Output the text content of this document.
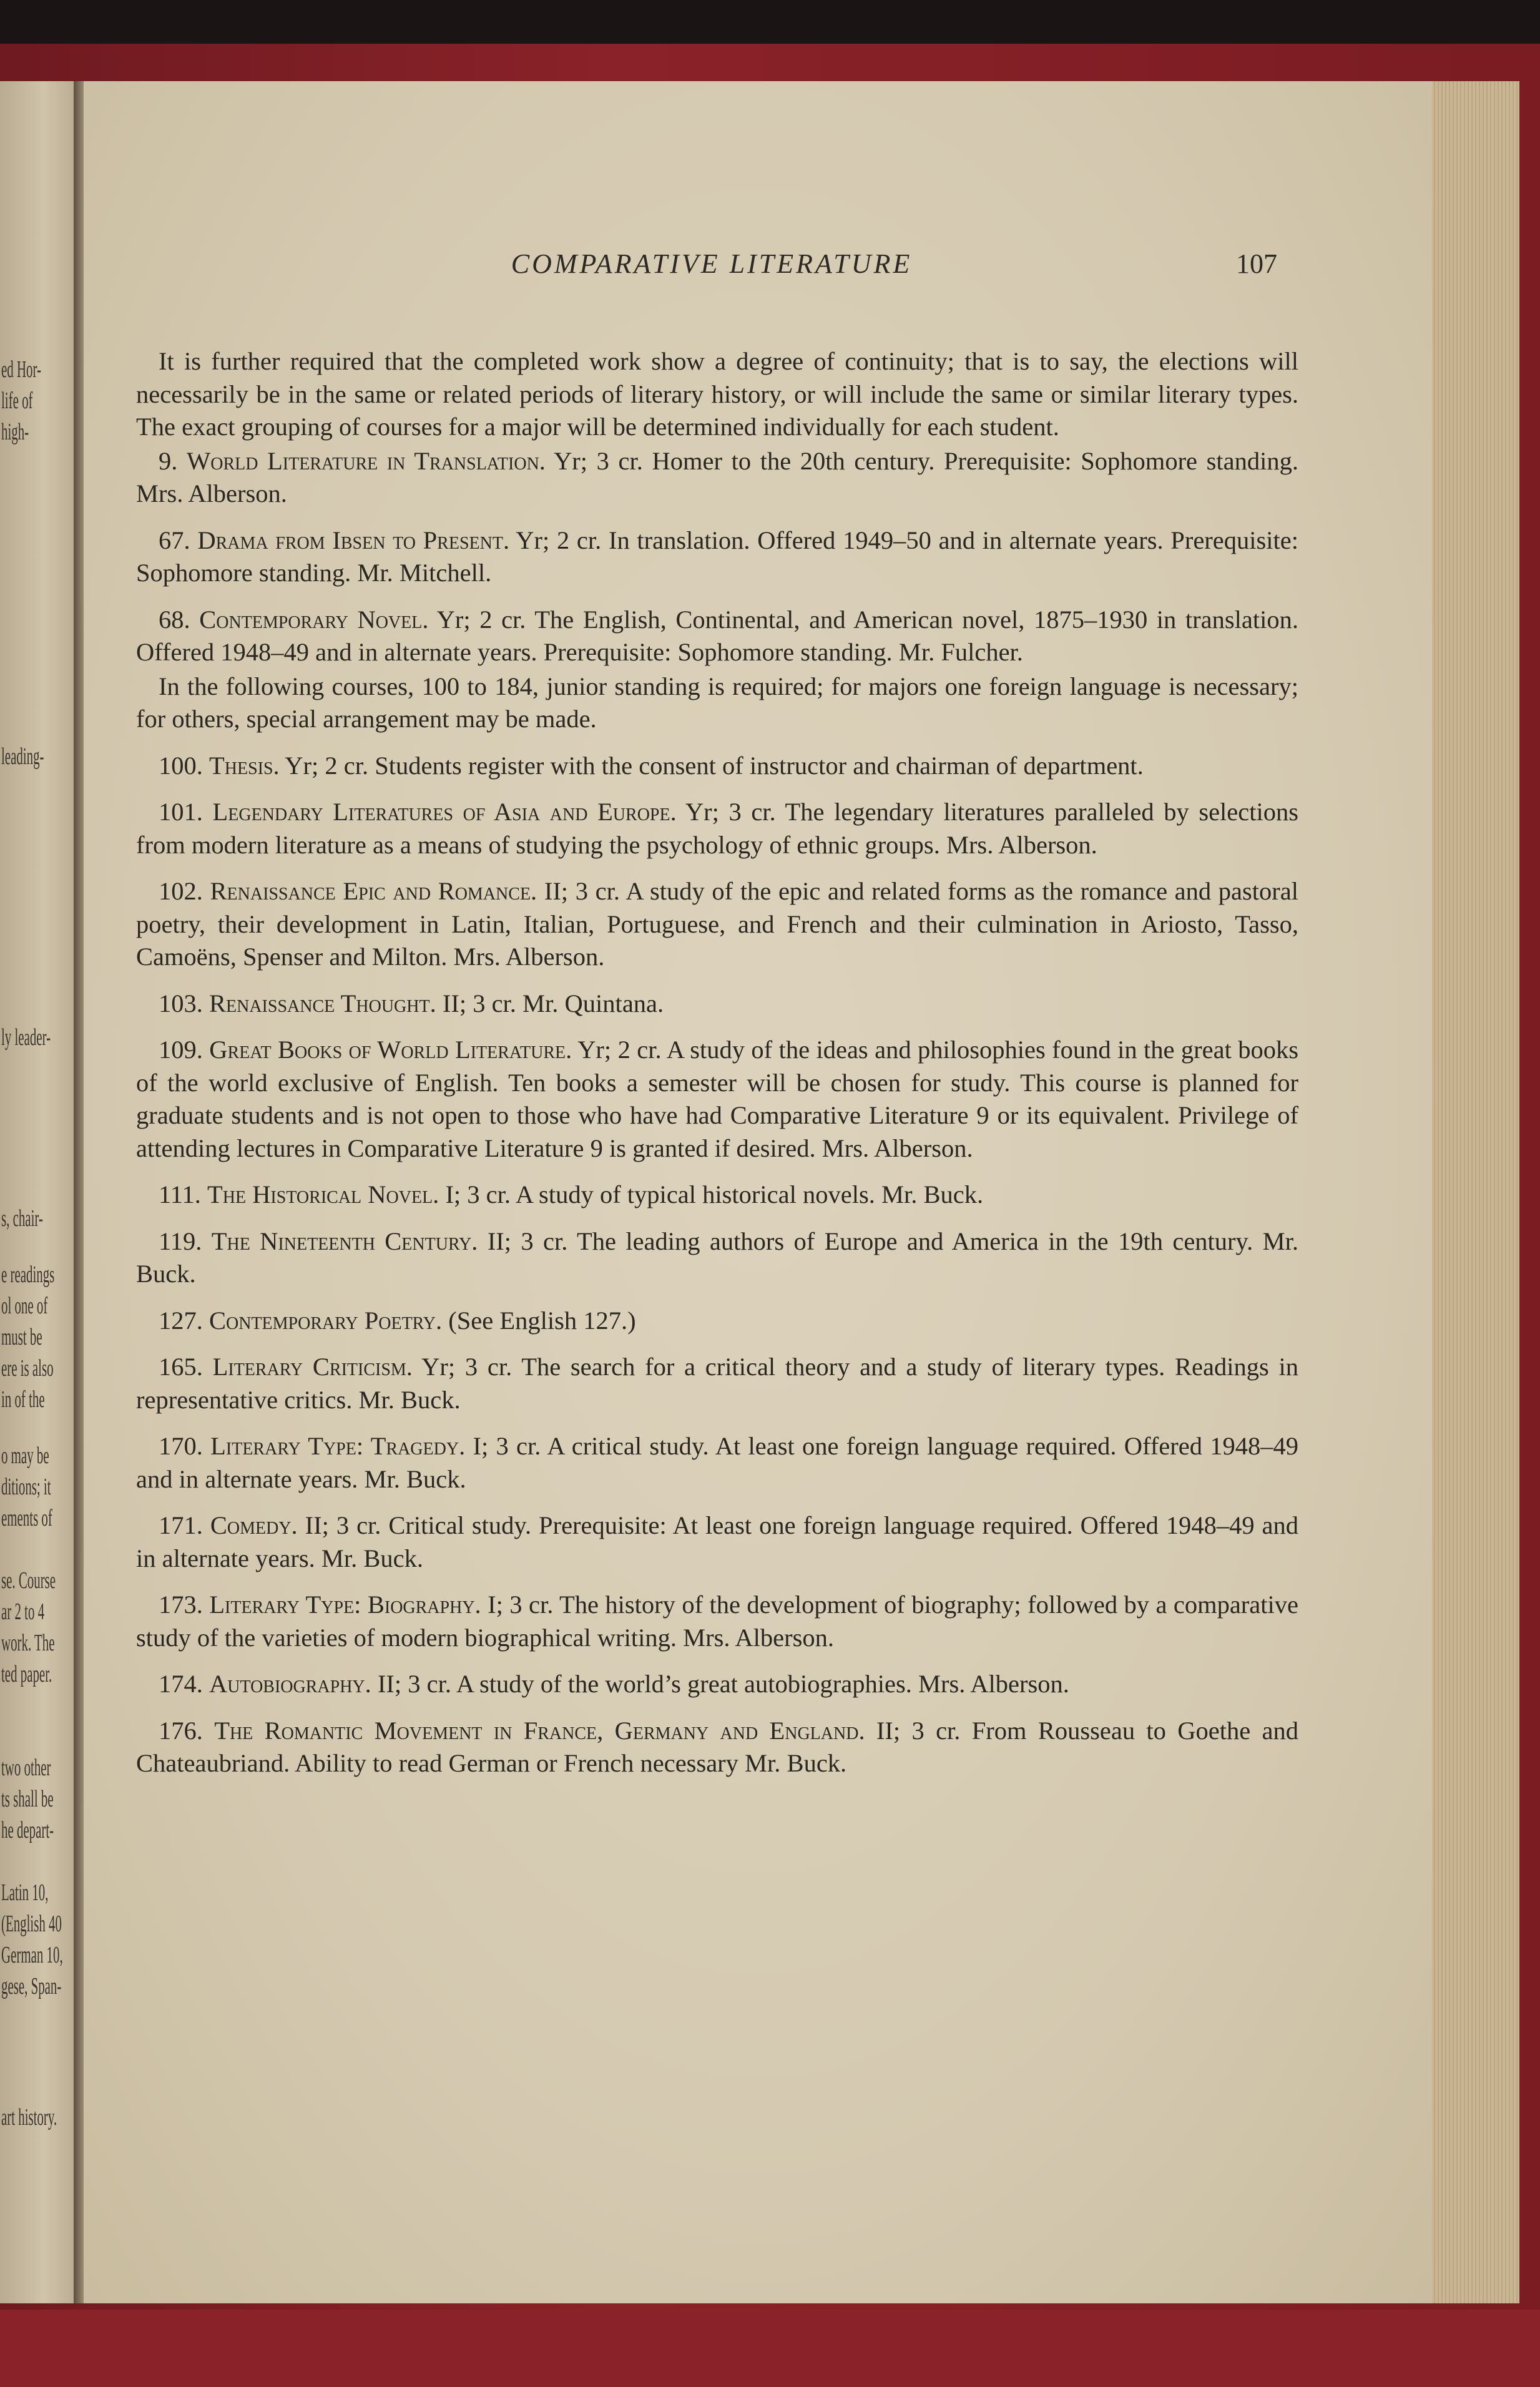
ed Hor-
life of
high-
leading-
ly leader-
s, chair-
e readings
ol one of
must be
ere is also
in of the
o may be
ditions; it
ements of
se. Course
ar 2 to 4
work. The
ted paper.
two other
ts shall be
he depart-
Latin 10,
(English 40
German 10,
gese, Span-
art history.
COMPARATIVE LITERATURE	107

It is further required that the completed work show a degree of continuity; that is to say, the elections will necessarily be in the same or related periods of literary history, or will include the same or similar literary types. The exact grouping of courses for a major will be determined individually for each student.

9. World Literature in Translation. Yr; 3 cr. Homer to the 20th century. Prerequisite: Sophomore standing. Mrs. Alberson.

67. Drama from Ibsen to Present. Yr; 2 cr. In translation. Offered 1949–50 and in alternate years. Prerequisite: Sophomore standing. Mr. Mitchell.

68. Contemporary Novel. Yr; 2 cr. The English, Continental, and American novel, 1875–1930 in translation. Offered 1948–49 and in alternate years. Prerequisite: Sophomore standing. Mr. Fulcher.

In the following courses, 100 to 184, junior standing is required; for majors one foreign language is necessary; for others, special arrangement may be made.

100. Thesis. Yr; 2 cr. Students register with the consent of instructor and chairman of department.

101. Legendary Literatures of Asia and Europe. Yr; 3 cr. The legendary literatures paralleled by selections from modern literature as a means of studying the psychology of ethnic groups. Mrs. Alberson.

102. Renaissance Epic and Romance. II; 3 cr. A study of the epic and related forms as the romance and pastoral poetry, their development in Latin, Italian, Portuguese, and French and their culmination in Ariosto, Tasso, Camoëns, Spenser and Milton. Mrs. Alberson.

103. Renaissance Thought. II; 3 cr. Mr. Quintana.

109. Great Books of World Literature. Yr; 2 cr. A study of the ideas and philosophies found in the great books of the world exclusive of English. Ten books a semester will be chosen for study. This course is planned for graduate students and is not open to those who have had Comparative Literature 9 or its equivalent. Privilege of attending lectures in Comparative Literature 9 is granted if desired. Mrs. Alberson.

111. The Historical Novel. I; 3 cr. A study of typical historical novels. Mr. Buck.

119. The Nineteenth Century. II; 3 cr. The leading authors of Europe and America in the 19th century. Mr. Buck.

127. Contemporary Poetry. (See English 127.)

165. Literary Criticism. Yr; 3 cr. The search for a critical theory and a study of literary types. Readings in representative critics. Mr. Buck.

170. Literary Type: Tragedy. I; 3 cr. A critical study. At least one foreign language required. Offered 1948–49 and in alternate years. Mr. Buck.

171. Comedy. II; 3 cr. Critical study. Prerequisite: At least one foreign language required. Offered 1948–49 and in alternate years. Mr. Buck.

173. Literary Type: Biography. I; 3 cr. The history of the development of biography; followed by a comparative study of the varieties of modern biographical writing. Mrs. Alberson.

174. Autobiography. II; 3 cr. A study of the world’s great autobiographies. Mrs. Alberson.

176. The Romantic Movement in France, Germany and England. II; 3 cr. From Rousseau to Goethe and Chateaubriand. Ability to read German or French necessary Mr. Buck.
